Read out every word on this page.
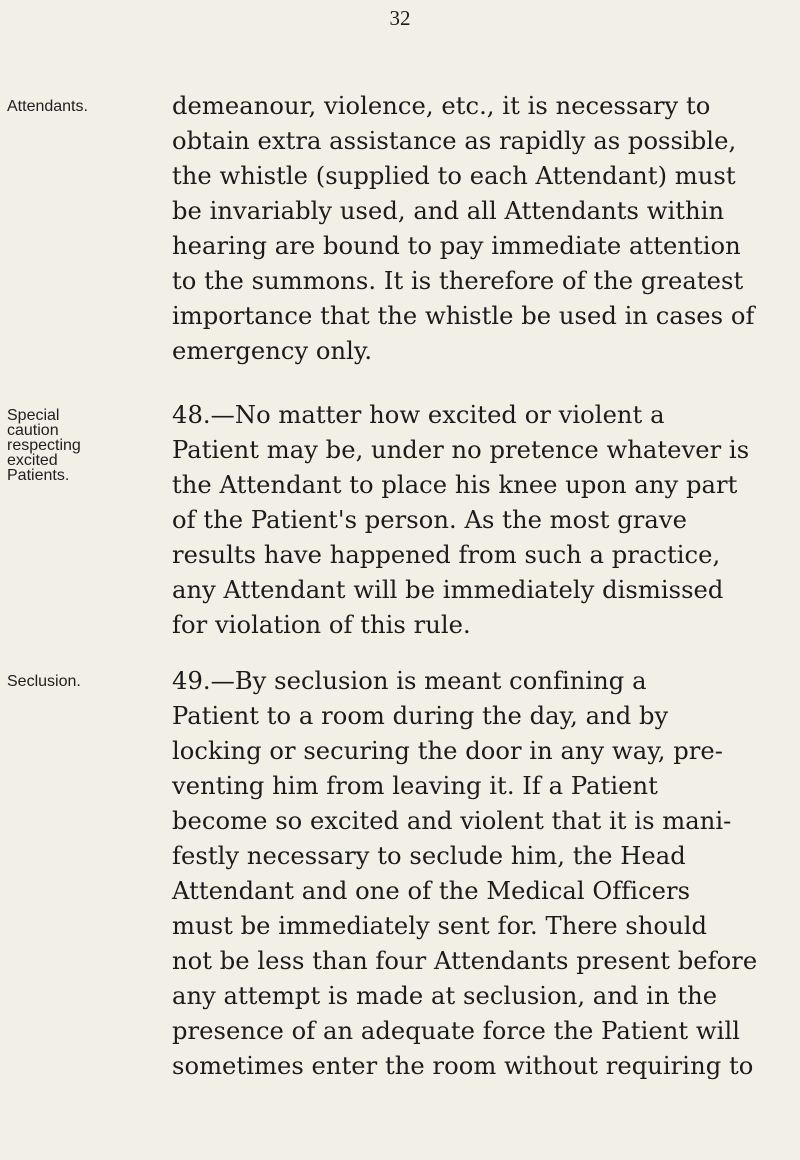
32
Attendants.	demeanour, violence, etc., it is necessary to
obtain extra assistance as rapidly as possible,
the whistle (supplied to each Attendant) must
be invariably used, and all Attendants within
hearing are bound to pay immediate attention
to the summons. It is therefore of the greatest
importance that the whistle be used in cases of
emergency only.
Special
caution
respecting
excited
Patients.
48.—No matter how excited or violent a
Patient may be, under no pretence whatever is
the Attendant to place his knee upon any part
of the Patient's person. As the most grave
results have happened from such a practice,
any Attendant will be immediately dismissed
for violation of this rule.
Seclusion.	49.—By seclusion is meant confining a
Patient to a room during the day, and by
locking or securing the door in any way, pre-
venting him from leaving it. If a Patient
become so excited and violent that it is mani-
festly necessary to seclude him, the Head
Attendant and one of the Medical Officers
must be immediately sent for. There should
not be less than four Attendants present before
any attempt is made at seclusion, and in the
presence of an adequate force the Patient will
sometimes enter the room without requiring to
